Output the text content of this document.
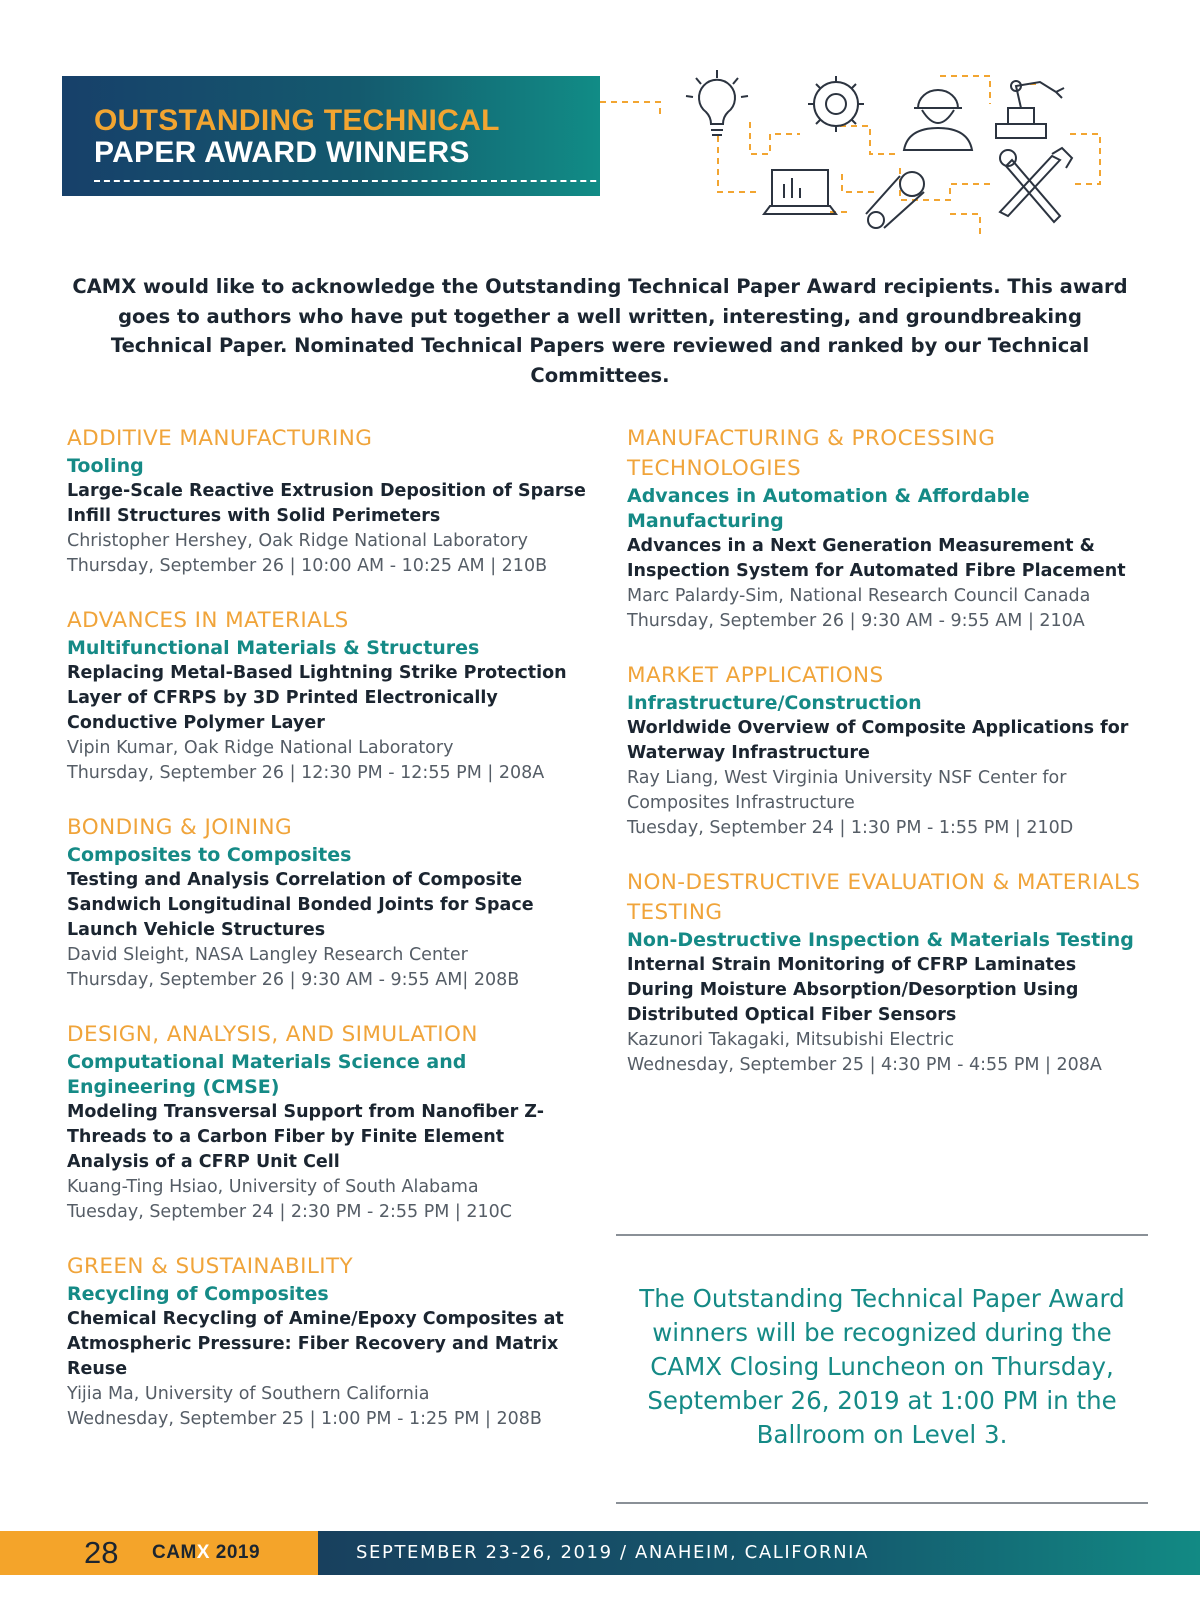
OUTSTANDING TECHNICAL
PAPER AWARD WINNERS

CAMX would like to acknowledge the Outstanding Technical Paper Award recipients. This award goes to authors who have put together a well written, interesting, and groundbreaking Technical Paper. Nominated Technical Papers were reviewed and ranked by our Technical Committees.

ADDITIVE MANUFACTURING
Tooling
Large-Scale Reactive Extrusion Deposition of Sparse Infill Structures with Solid Perimeters
Christopher Hershey, Oak Ridge National Laboratory
Thursday, September 26 | 10:00 AM - 10:25 AM | 210B
ADVANCES IN MATERIALS
Multifunctional Materials & Structures
Replacing Metal-Based Lightning Strike Protection Layer of CFRPS by 3D Printed Electronically Conductive Polymer Layer
Vipin Kumar, Oak Ridge National Laboratory
Thursday, September 26 | 12:30 PM - 12:55 PM | 208A
BONDING & JOINING
Composites to Composites
Testing and Analysis Correlation of Composite Sandwich Longitudinal Bonded Joints for Space Launch Vehicle Structures
David Sleight, NASA Langley Research Center
Thursday, September 26 | 9:30 AM - 9:55 AM| 208B
DESIGN, ANALYSIS, AND SIMULATION
Computational Materials Science and Engineering (CMSE)
Modeling Transversal Support from Nanofiber Z-Threads to a Carbon Fiber by Finite Element Analysis of a CFRP Unit Cell
Kuang-Ting Hsiao, University of South Alabama
Tuesday, September 24 | 2:30 PM - 2:55 PM | 210C
GREEN & SUSTAINABILITY
Recycling of Composites
Chemical Recycling of Amine/Epoxy Composites at Atmospheric Pressure: Fiber Recovery and Matrix Reuse
Yijia Ma, University of Southern California
Wednesday, September 25 | 1:00 PM - 1:25 PM | 208B
MANUFACTURING & PROCESSING TECHNOLOGIES
Advances in Automation & Affordable Manufacturing
Advances in a Next Generation Measurement & Inspection System for Automated Fibre Placement
Marc Palardy-Sim, National Research Council Canada
Thursday, September 26 | 9:30 AM - 9:55 AM | 210A
MARKET APPLICATIONS
Infrastructure/Construction
Worldwide Overview of Composite Applications for Waterway Infrastructure
Ray Liang, West Virginia University NSF Center for Composites Infrastructure
Tuesday, September 24 | 1:30 PM - 1:55 PM | 210D
NON-DESTRUCTIVE EVALUATION & MATERIALS TESTING
Non-Destructive Inspection & Materials Testing
Internal Strain Monitoring of CFRP Laminates During Moisture Absorption/Desorption Using Distributed Optical Fiber Sensors
Kazunori Takagaki, Mitsubishi Electric
Wednesday, September 25 | 4:30 PM - 4:55 PM | 208A

The Outstanding Technical Paper Award winners will be recognized during the CAMX Closing Luncheon on Thursday, September 26, 2019 at 1:00 PM in the Ballroom on Level 3.

28 CAMX 2019	SEPTEMBER 23-26, 2019 / ANAHEIM, CALIFORNIA
